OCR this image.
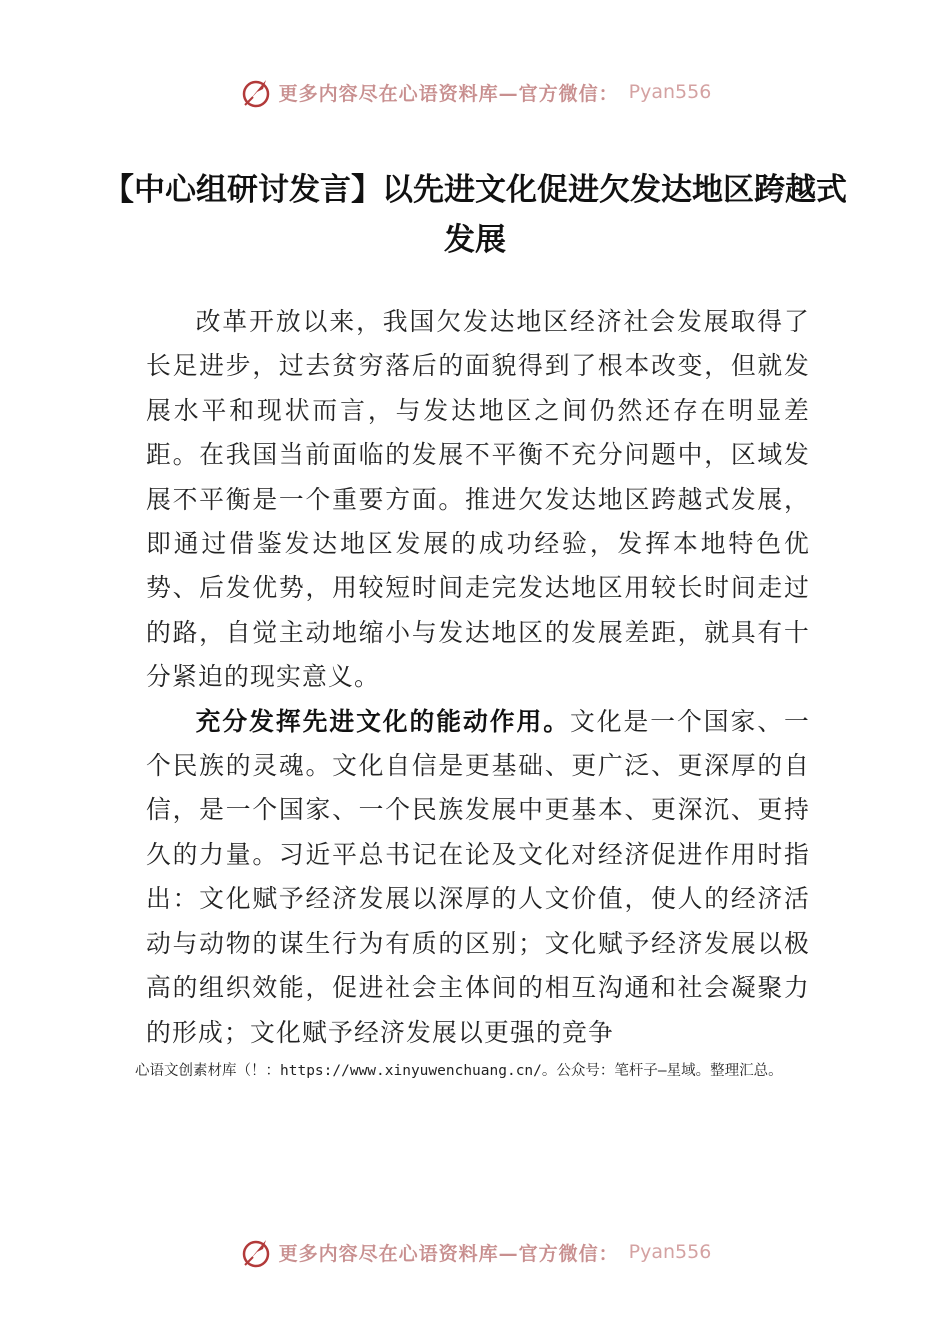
更多内容尽在心语资料库—官方微信： Pyan556
【中心组研讨发言】以先进文化促进欠发达地区跨越式发展

改革开放以来，我国欠发达地区经济社会发展取得了长足进步，过去贫穷落后的面貌得到了根本改变，但就发展水平和现状而言，与发达地区之间仍然还存在明显差距。在我国当前面临的发展不平衡不充分问题中，区域发展不平衡是一个重要方面。推进欠发达地区跨越式发展，即通过借鉴发达地区发展的成功经验，发挥本地特色优势、后发优势，用较短时间走完发达地区用较长时间走过的路，自觉主动地缩小与发达地区的发展差距，就具有十分紧迫的现实意义。

充分发挥先进文化的能动作用。文化是一个国家、一个民族的灵魂。文化自信是更基础、更广泛、更深厚的自信，是一个国家、一个民族发展中更基本、更深沉、更持久的力量。习近平总书记在论及文化对经济促进作用时指出：文化赋予经济发展以深厚的人文价值，使人的经济活动与动物的谋生行为有质的区别；文化赋予经济发展以极高的组织效能，促进社会主体间的相互沟通和社会凝聚力的形成；文化赋予经济发展以更强的竞争

心语文创素材库（！：https://www.xinyuwenchuang.cn/。公众号：笔杆子—星域。整理汇总。
更多内容尽在心语资料库—官方微信： Pyan556
